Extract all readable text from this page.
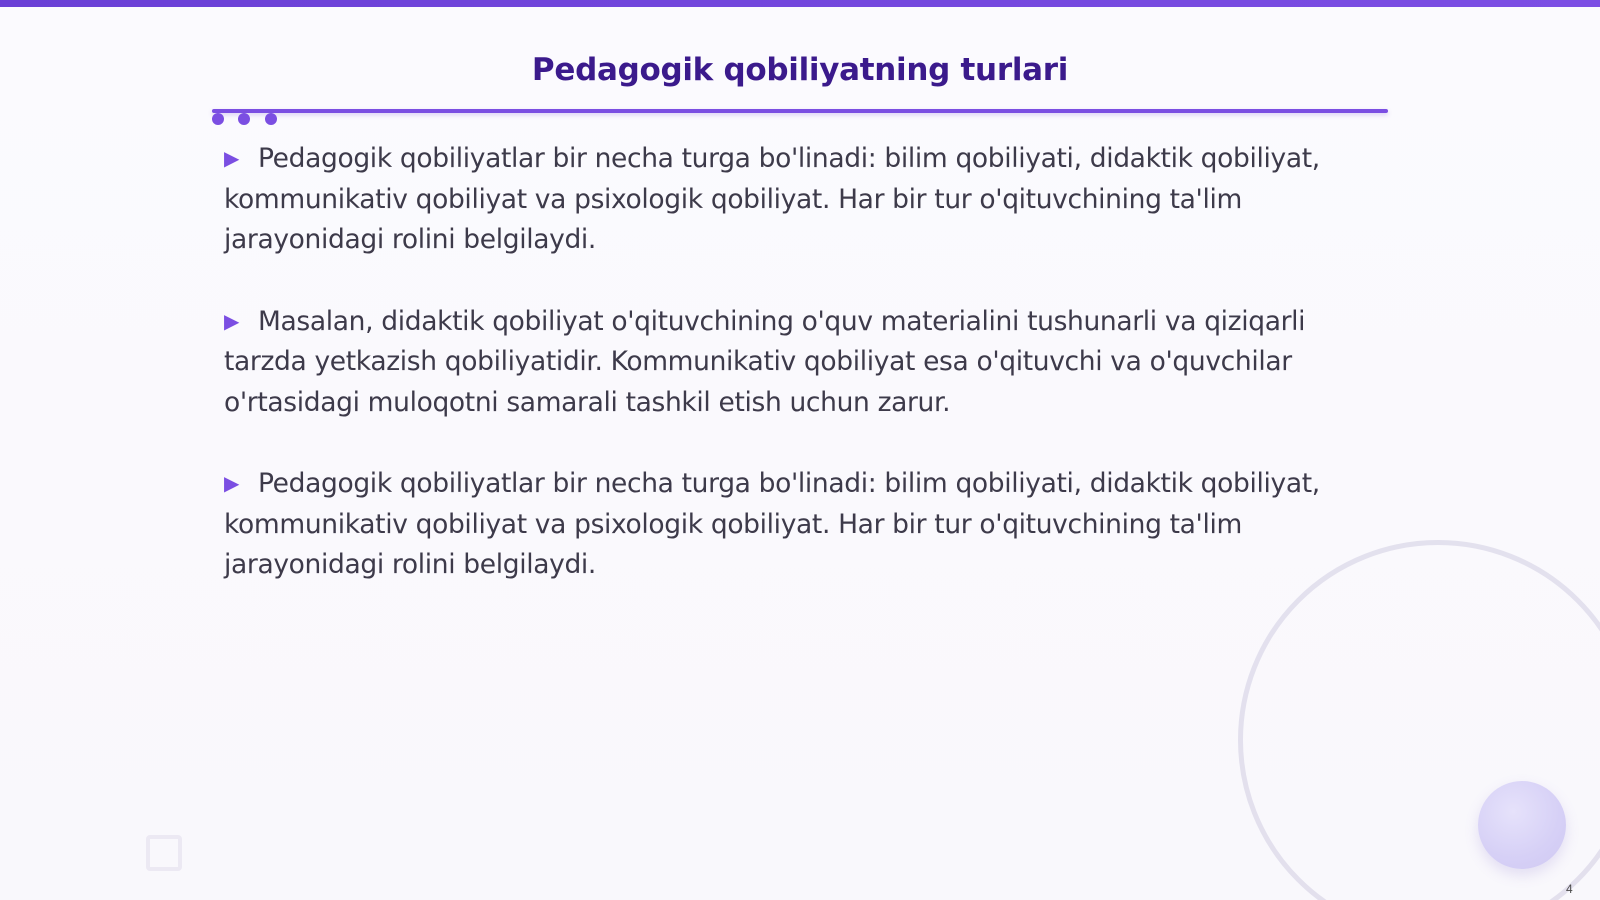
Pedagogik qobiliyatning turlari

▶ Pedagogik qobiliyatlar bir necha turga bo'linadi: bilim qobiliyati, didaktik qobiliyat, kommunikativ qobiliyat va psixologik qobiliyat. Har bir tur o'qituvchining ta'lim jarayonidagi rolini belgilaydi.

▶ Masalan, didaktik qobiliyat o'qituvchining o'quv materialini tushunarli va qiziqarli tarzda yetkazish qobiliyatidir. Kommunikativ qobiliyat esa o'qituvchi va o'quvchilar o'rtasidagi muloqotni samarali tashkil etish uchun zarur.

▶ Pedagogik qobiliyatlar bir necha turga bo'linadi: bilim qobiliyati, didaktik qobiliyat, kommunikativ qobiliyat va psixologik qobiliyat. Har bir tur o'qituvchining ta'lim jarayonidagi rolini belgilaydi.

4
